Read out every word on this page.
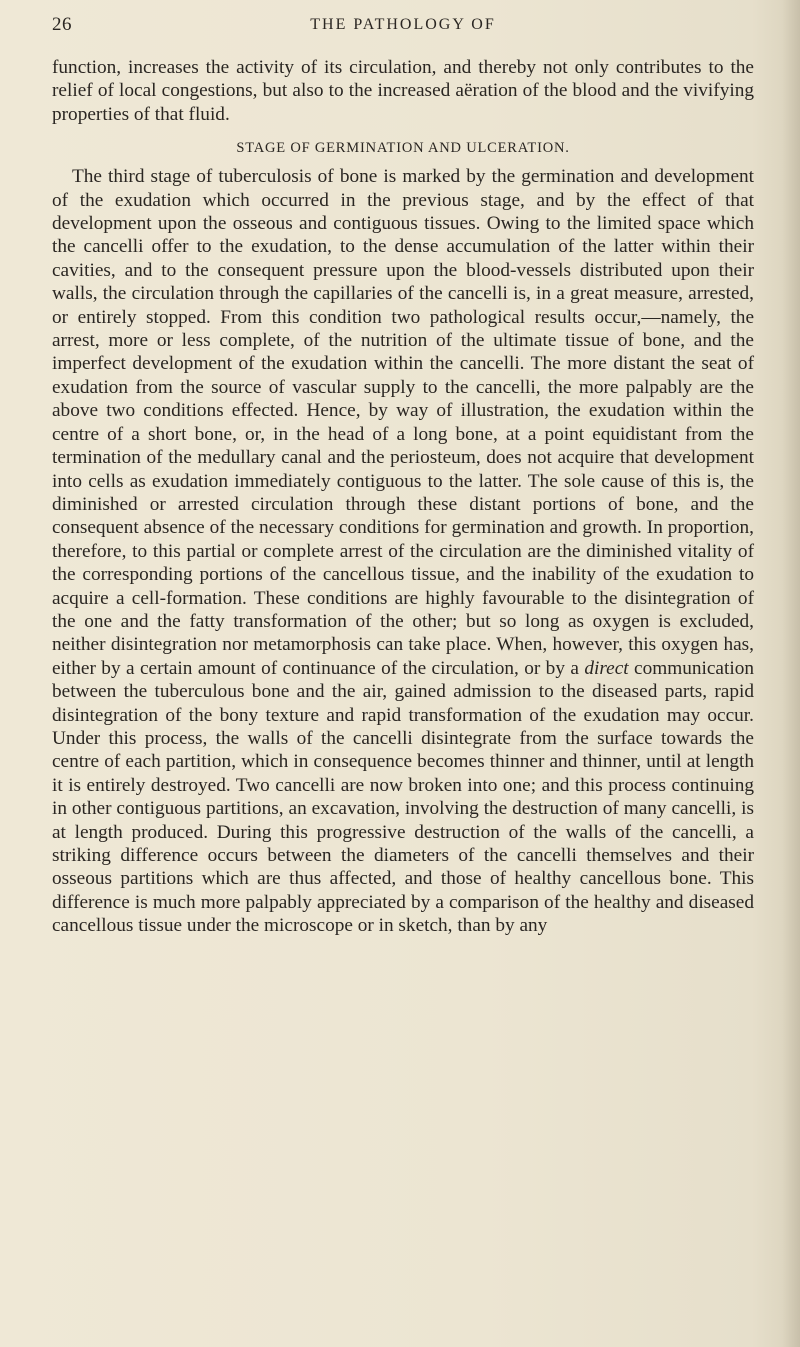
26	THE PATHOLOGY OF

function, increases the activity of its circulation, and thereby not only contributes to the relief of local congestions, but also to the increased aëration of the blood and the vivifying properties of that fluid.

STAGE OF GERMINATION AND ULCERATION.

The third stage of tuberculosis of bone is marked by the germination and development of the exudation which occurred in the previous stage, and by the effect of that development upon the osseous and contiguous tissues. Owing to the limited space which the cancelli offer to the exudation, to the dense accumulation of the latter within their cavities, and to the consequent pressure upon the blood-vessels distributed upon their walls, the circulation through the capillaries of the cancelli is, in a great measure, arrested, or entirely stopped. From this condition two pathological results occur,—namely, the arrest, more or less complete, of the nutrition of the ultimate tissue of bone, and the imperfect development of the exudation within the cancelli. The more distant the seat of exudation from the source of vascular supply to the cancelli, the more palpably are the above two conditions effected. Hence, by way of illustration, the exudation within the centre of a short bone, or, in the head of a long bone, at a point equidistant from the termination of the medullary canal and the periosteum, does not acquire that development into cells as exudation immediately contiguous to the latter. The sole cause of this is, the diminished or arrested circulation through these distant portions of bone, and the consequent absence of the necessary conditions for germination and growth. In proportion, therefore, to this partial or complete arrest of the circulation are the diminished vitality of the corresponding portions of the cancellous tissue, and the inability of the exudation to acquire a cell-formation. These conditions are highly favourable to the disintegration of the one and the fatty transformation of the other; but so long as oxygen is excluded, neither disintegration nor metamorphosis can take place. When, however, this oxygen has, either by a certain amount of continuance of the circulation, or by a direct communication between the tuberculous bone and the air, gained admission to the diseased parts, rapid disintegration of the bony texture and rapid transformation of the exudation may occur. Under this process, the walls of the cancelli disintegrate from the surface towards the centre of each partition, which in consequence becomes thinner and thinner, until at length it is entirely destroyed. Two cancelli are now broken into one; and this process continuing in other contiguous partitions, an excavation, involving the destruction of many cancelli, is at length produced. During this progressive destruction of the walls of the cancelli, a striking difference occurs between the diameters of the cancelli themselves and their osseous partitions which are thus affected, and those of healthy cancellous bone. This difference is much more palpably appreciated by a comparison of the healthy and diseased cancellous tissue under the microscope or in sketch, than by any
